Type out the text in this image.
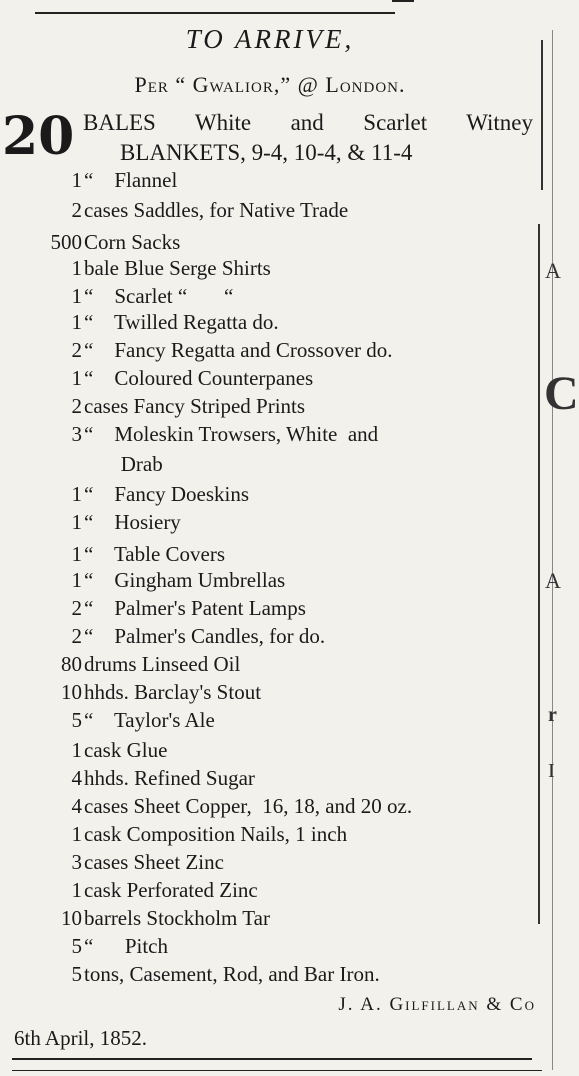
A
C
A
r
I
TO ARRIVE,
Per “ Gwalior,” @ London.
20 BALES White and Scarlet Witney
BLANKETS, 9-4, 10-4, & 11-4
1 “    Flannel
2 cases Saddles, for Native Trade
500 Corn Sacks
1 bale Blue Serge Shirts
1 “    Scarlet “       “
1 “    Twilled Regatta do.
2 “    Fancy Regatta and Crossover do.
1 “    Coloured Counterpanes
2 cases Fancy Striped Prints
3 “    Moleskin Trowsers, White  and
Drab
1 “    Fancy Doeskins
1 “    Hosiery
1 “    Table Covers
1 “    Gingham Umbrellas
2 “    Palmer's Patent Lamps
2 “    Palmer's Candles, for do.
80 drums Linseed Oil
10 hhds. Barclay's Stout
5 “    Taylor's Ale
1 cask Glue
4 hhds. Refined Sugar
4 cases Sheet Copper,  16, 18, and 20 oz.
1 cask Composition Nails, 1 inch
3 cases Sheet Zinc
1 cask Perforated Zinc
10 barrels Stockholm Tar
5 “      Pitch
5 tons, Casement, Rod, and Bar Iron.
J. A. Gilfillan & Co
6th April, 1852.
